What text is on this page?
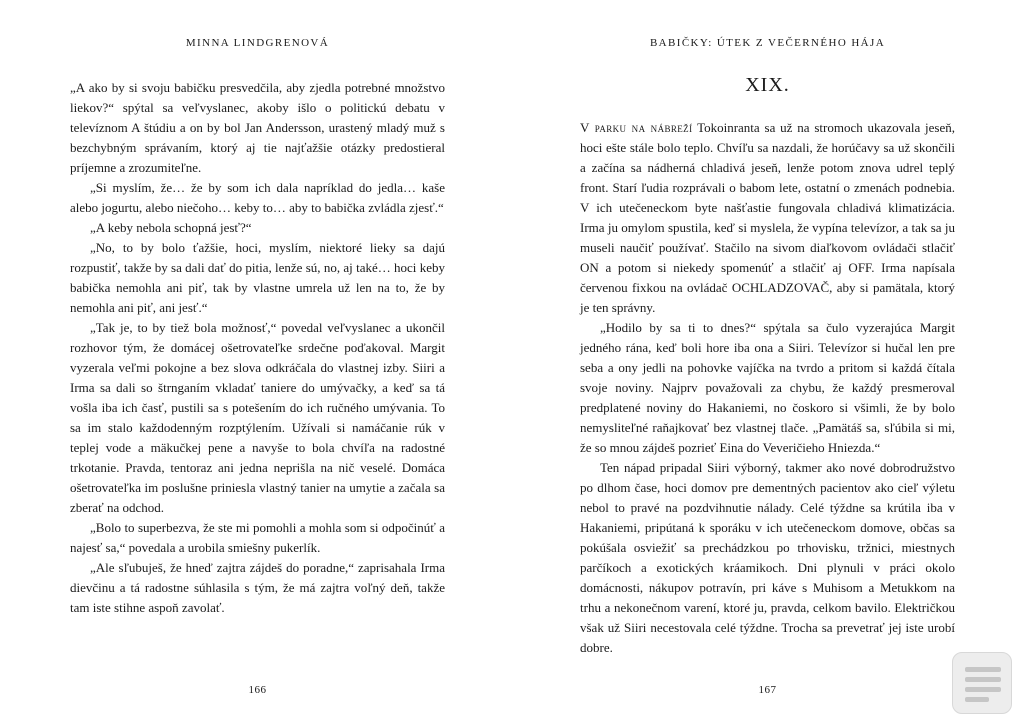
MINNA LINDGRENOVÁ

„A ako by si svoju babičku presvedčila, aby zjedla potrebné množstvo liekov?“ spýtal sa veľvyslanec, akoby išlo o politickú debatu v televíznom A štúdiu a on by bol Jan Andersson, urastený mladý muž s bezchybným správaním, ktorý aj tie najťažšie otázky predostieral príjemne a zrozumiteľne.

„Si myslím, že… že by som ich dala napríklad do jedla… kaše alebo jogurtu, alebo niečoho… keby to… aby to babička zvládla zjesť.“

„A keby nebola schopná jesť?“

„No, to by bolo ťažšie, hoci, myslím, niektoré lieky sa dajú rozpustiť, takže by sa dali dať do pitia, lenže sú, no, aj také… hoci keby babička nemohla ani piť, tak by vlastne umrela už len na to, že by nemohla ani piť, ani jesť.“

„Tak je, to by tiež bola možnosť,“ povedal veľvyslanec a ukončil rozhovor tým, že domácej ošetrovateľke srdečne poďakoval. Margit vyzerala veľmi pokojne a bez slova odkráčala do vlastnej izby. Siiri a Irma sa dali so štrnganím vkladať taniere do umývačky, a keď sa tá vošla iba ich časť, pustili sa s potešením do ich ručného umývania. To sa im stalo každodenným rozptýlením. Užívali si namáčanie rúk v teplej vode a mäkučkej pene a navyše to bola chvíľa na radostné trkotanie. Pravda, tentoraz ani jedna neprišla na nič veselé. Domáca ošetrovateľka im poslušne priniesla vlastný tanier na umytie a začala sa zberať na odchod.

„Bolo to superbezva, že ste mi pomohli a mohla som si odpočinúť a najesť sa,“ povedala a urobila smiešny pukerlík.

„Ale sľubuješ, že hneď zajtra zájdeš do poradne,“ zaprisahala Irma dievčinu a tá radostne súhlasila s tým, že má zajtra voľný deň, takže tam iste stihne aspoň zavolať.

166
BABIČKY: ÚTEK Z VEČERNÉHO HÁJA
XIX.

V parku na nábreží Tokoinranta sa už na stromoch ukazovala jeseň, hoci ešte stále bolo teplo. Chvíľu sa nazdali, že horúčavy sa už skončili a začína sa nádherná chladivá jeseň, lenže potom znova udrel teplý front. Starí ľudia rozprávali o babom lete, ostatní o zmenách podnebia. V ich utečeneckom byte našťastie fungovala chladivá klimatizácia. Irma ju omylom spustila, keď si myslela, že vypína televízor, a tak sa ju museli naučiť používať. Stačilo na sivom diaľkovom ovládači stlačiť ON a potom si niekedy spomenúť a stlačiť aj OFF. Irma napísala červenou fixkou na ovládač OCHLADZOVAČ, aby si pamätala, ktorý je ten správny.

„Hodilo by sa ti to dnes?“ spýtala sa čulo vyzerajúca Margit jedného rána, keď boli hore iba ona a Siiri. Televízor si hučal len pre seba a ony jedli na pohovke vajíčka na tvrdo a pritom si každá čítala svoje noviny. Najprv považovali za chybu, že každý presmeroval predplatené noviny do Hakaniemi, no čoskoro si všimli, že by bolo nemysliteľné raňajkovať bez vlastnej tlače. „Pamätáš sa, sľúbila si mi, že so mnou zájdeš pozrieť Eina do Veveričieho Hniezda.“

Ten nápad pripadal Siiri výborný, takmer ako nové dobrodružstvo po dlhom čase, hoci domov pre dementných pacientov ako cieľ výletu nebol to pravé na pozdvihnutie nálady. Celé týždne sa krútila iba v Hakaniemi, pripútaná k sporáku v ich utečeneckom domove, občas sa pokúšala osviežiť sa prechádzkou po trhovisku, tržnici, miestnych parčíkoch a exotických kráamikoch. Dni plynuli v práci okolo domácnosti, nákupov potravín, pri káve s Muhisom a Metukkom na trhu a nekonečnom varení, ktoré ju, pravda, celkom bavilo. Električkou však už Siiri necestovala celé týždne. Trocha sa prevetrať jej iste urobí dobre.

167
